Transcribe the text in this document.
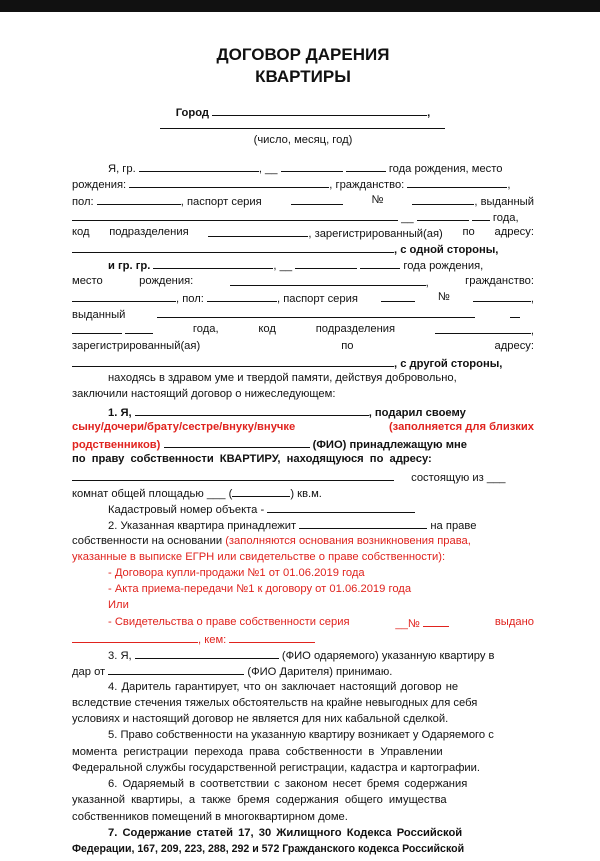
ДОГОВОР ДАРЕНИЯ
КВАРТИРЫ
Город	,
(число, месяц, год)
Я, гр.	, __	года рождения, место
рождения:	, гражданство:	,
пол:	, паспорт серия	№	, выданный
__	года,
код подразделения	, зарегистрированный(ая) по адресу:
, с одной стороны,
и гр. гр.	, __	года рождения,
место	рождения:	,	гражданство:
, пол:	, паспорт серия	№	,
выданный

года,	код	подразделения	,
зарегистрированный(ая)	по	адресу:
, с другой стороны,
находясь в здравом уме и твердой памяти, действуя добровольно,
заключили настоящий договор о нижеследующем:
1. Я,	, подарил своему
сыну/дочери/брату/сестре/внуку/внучке	(заполняется для близких
родственников)	(ФИО) принадлежащую мне
по праву собственности КВАРТИРУ, находящуюся по адресу:
состоящую из ___
комнат общей площадью ___ (	) кв.м.
Кадастровый номер объекта -
2. Указанная квартира принадлежит	на праве
собственности на основании (заполняются основания возникновения права,
указанные в выписке ЕГРН или свидетельстве о праве собственности):
- Договора купли-продажи №1 от 01.06.2019 года
- Акта приема-передачи №1 к договору от 01.06.2019 года
Или
- Свидетельства о праве собственности серия	__№	выдано
, кем:
3. Я,	(ФИО одаряемого) указанную квартиру в
дар от	(ФИО Дарителя) принимаю.
4. Даритель гарантирует, что он заключает настоящий договор не
вследствие стечения тяжелых обстоятельств на крайне невыгодных для себя
условиях и настоящий договор не является для них кабальной сделкой.
5. Право собственности на указанную квартиру возникает у Одаряемого с
момента регистрации перехода права собственности в Управлении
Федеральной службы государственной регистрации, кадастра и картографии.
6. Одаряемый в соответствии с законом несет бремя содержания
указанной квартиры, а также бремя содержания общего имущества
собственников помещений в многоквартирном доме.
7. Содержание статей 17, 30 Жилищного Кодекса Российской
Федерации, 167, 209, 223, 288, 292 и 572 Гражданского кодекса Российской
